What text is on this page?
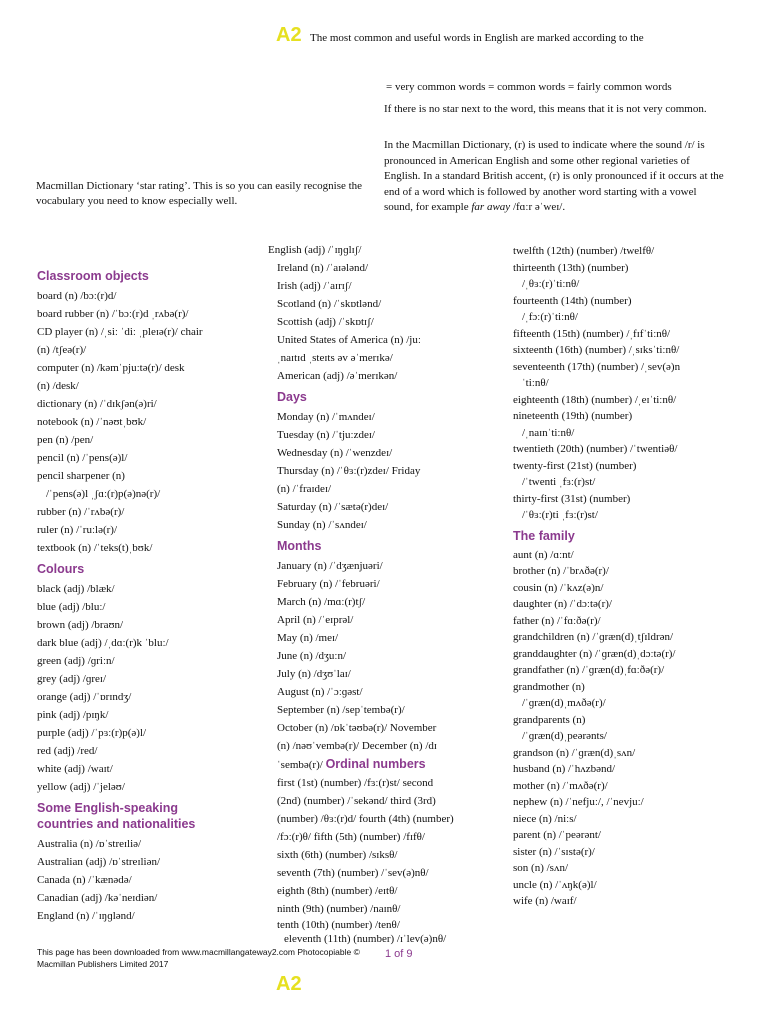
A2 The most common and useful words in English are marked according to the
= very common words = common words = fairly common words
If there is no star next to the word, this means that it is not very common.
In the Macmillan Dictionary, (r) is used to indicate where the sound /r/ is pronounced in American English and some other regional varieties of English. In a standard British accent, (r) is only pronounced if it occurs at the end of a word which is followed by another word starting with a vowel sound, for example far away /fɑːr əˈweɪ/.
Macmillan Dictionary ‘star rating’. This is so you can easily recognise the vocabulary you need to know especially well.
Classroom objects
board (n) /bɔː(r)d/
board rubber (n) /ˈbɔː(r)d ˌrʌbə(r)/
CD player (n) /ˌsiː ˈdiː ˌpleɪə(r)/ chair
(n) /tʃeə(r)/
computer (n) /kəmˈpjuːtə(r)/ desk
(n) /desk/
dictionary (n) /ˈdɪkʃən(ə)ri/
notebook (n) /ˈnəʊtˌbʊk/
pen (n) /pen/
pencil (n) /ˈpens(ə)l/
pencil sharpener (n)
/ˈpens(ə)l ˌʃɑː(r)p(ə)nə(r)/
rubber (n) /ˈrʌbə(r)/
ruler (n) /ˈruːlə(r)/
textbook (n) /ˈteks(t)ˌbʊk/
Colours
black (adj) /blæk/
blue (adj) /bluː/
brown (adj) /braʊn/
dark blue (adj) /ˌdɑː(r)k ˈbluː/
green (adj) /ɡriːn/
grey (adj) /ɡreɪ/
orange (adj) /ˈɒrɪndʒ/
pink (adj) /pɪŋk/
purple (adj) /ˈpɜː(r)p(ə)l/
red (adj) /red/
white (adj) /waɪt/
yellow (adj) /ˈjeləʊ/
Some English-speaking
countries and nationalities
Australia (n) /ɒˈstreɪliə/
Australian (adj) /ɒˈstreɪliən/
Canada (n) /ˈkænədə/
Canadian (adj) /kəˈneɪdiən/
England (n) /ˈɪŋɡlənd/
English (adj) /ˈɪŋɡlɪʃ/
Ireland (n) /ˈaɪələnd/
Irish (adj) /ˈaɪrɪʃ/
Scotland (n) /ˈskɒtlənd/
Scottish (adj) /ˈskɒtɪʃ/
United States of America (n) /juː
ˌnaɪtɪd ˌsteɪts əv əˈmerɪkə/
American (adj) /əˈmerɪkən/
Days
Monday (n) /ˈmʌndeɪ/
Tuesday (n) /ˈtjuːzdeɪ/
Wednesday (n) /ˈwenzdeɪ/
Thursday (n) /ˈθɜː(r)zdeɪ/ Friday
(n) /ˈfraɪdeɪ/
Saturday (n) /ˈsætə(r)deɪ/
Sunday (n) /ˈsʌndeɪ/
Months
January (n) /ˈdʒænjuəri/
February (n) /ˈfebruəri/
March (n) /mɑː(r)tʃ/
April (n) /ˈeɪprəl/
May (n) /meɪ/
June (n) /dʒuːn/
July (n) /dʒʊˈlaɪ/
August (n) /ˈɔːɡəst/
September (n) /sepˈtembə(r)/
October (n) /ɒkˈtəʊbə(r)/ November
(n) /nəʊˈvembə(r)/ December (n) /dɪ
ˈsembə(r)/ Ordinal numbers
first (1st) (number) /fɜː(r)st/ second
(2nd) (number) /ˈsekənd/ third (3rd)
(number) /θɜː(r)d/ fourth (4th) (number)
/fɔː(r)θ/ fifth (5th) (number) /fɪfθ/
sixth (6th) (number) /sɪksθ/
seventh (7th) (number) /ˈsev(ə)nθ/
eighth (8th) (number) /eɪtθ/
ninth (9th) (number) /naɪnθ/
tenth (10th) (number) /tenθ/
eleventh (11th) (number) /ɪˈlev(ə)nθ/
twelfth (12th) (number) /twelfθ/
thirteenth (13th) (number)
/ˌθɜː(r)ˈtiːnθ/
fourteenth (14th) (number)
/ˌfɔː(r)ˈtiːnθ/
fifteenth (15th) (number) /ˌfɪfˈtiːnθ/
sixteenth (16th) (number) /ˌsɪksˈtiːnθ/
seventeenth (17th) (number) /ˌsev(ə)n
ˈtiːnθ/
eighteenth (18th) (number) /ˌeɪˈtiːnθ/
nineteenth (19th) (number)
/ˌnaɪnˈtiːnθ/
twentieth (20th) (number) /ˈtwentiəθ/
twenty-first (21st) (number)
/ˈtwenti ˌfɜː(r)st/
thirty-first (31st) (number)
/ˈθɜː(r)ti ˌfɜː(r)st/
The family
aunt (n) /ɑːnt/
brother (n) /ˈbrʌðə(r)/
cousin (n) /ˈkʌz(ə)n/
daughter (n) /ˈdɔːtə(r)/
father (n) /ˈfɑːðə(r)/
grandchildren (n) /ˈɡræn(d)ˌtʃɪldrən/
granddaughter (n) /ˈɡræn(d)ˌdɔːtə(r)/
grandfather (n) /ˈɡræn(d)ˌfɑːðə(r)/
grandmother (n)
/ˈɡræn(d)ˌmʌðə(r)/
grandparents (n)
/ˈɡræn(d)ˌpeərənts/
grandson (n) /ˈɡræn(d)ˌsʌn/
husband (n) /ˈhʌzbənd/
mother (n) /ˈmʌðə(r)/
nephew (n) /ˈnefjuː/, /ˈnevjuː/
niece (n) /niːs/
parent (n) /ˈpeərənt/
sister (n) /ˈsɪstə(r)/
son (n) /sʌn/
uncle (n) /ˈʌŋk(ə)l/
wife (n) /waɪf/
This page has been downloaded from www.macmillangateway2.com Photocopiable ©
Macmillan Publishers Limited 2017
1 of 9
A2
